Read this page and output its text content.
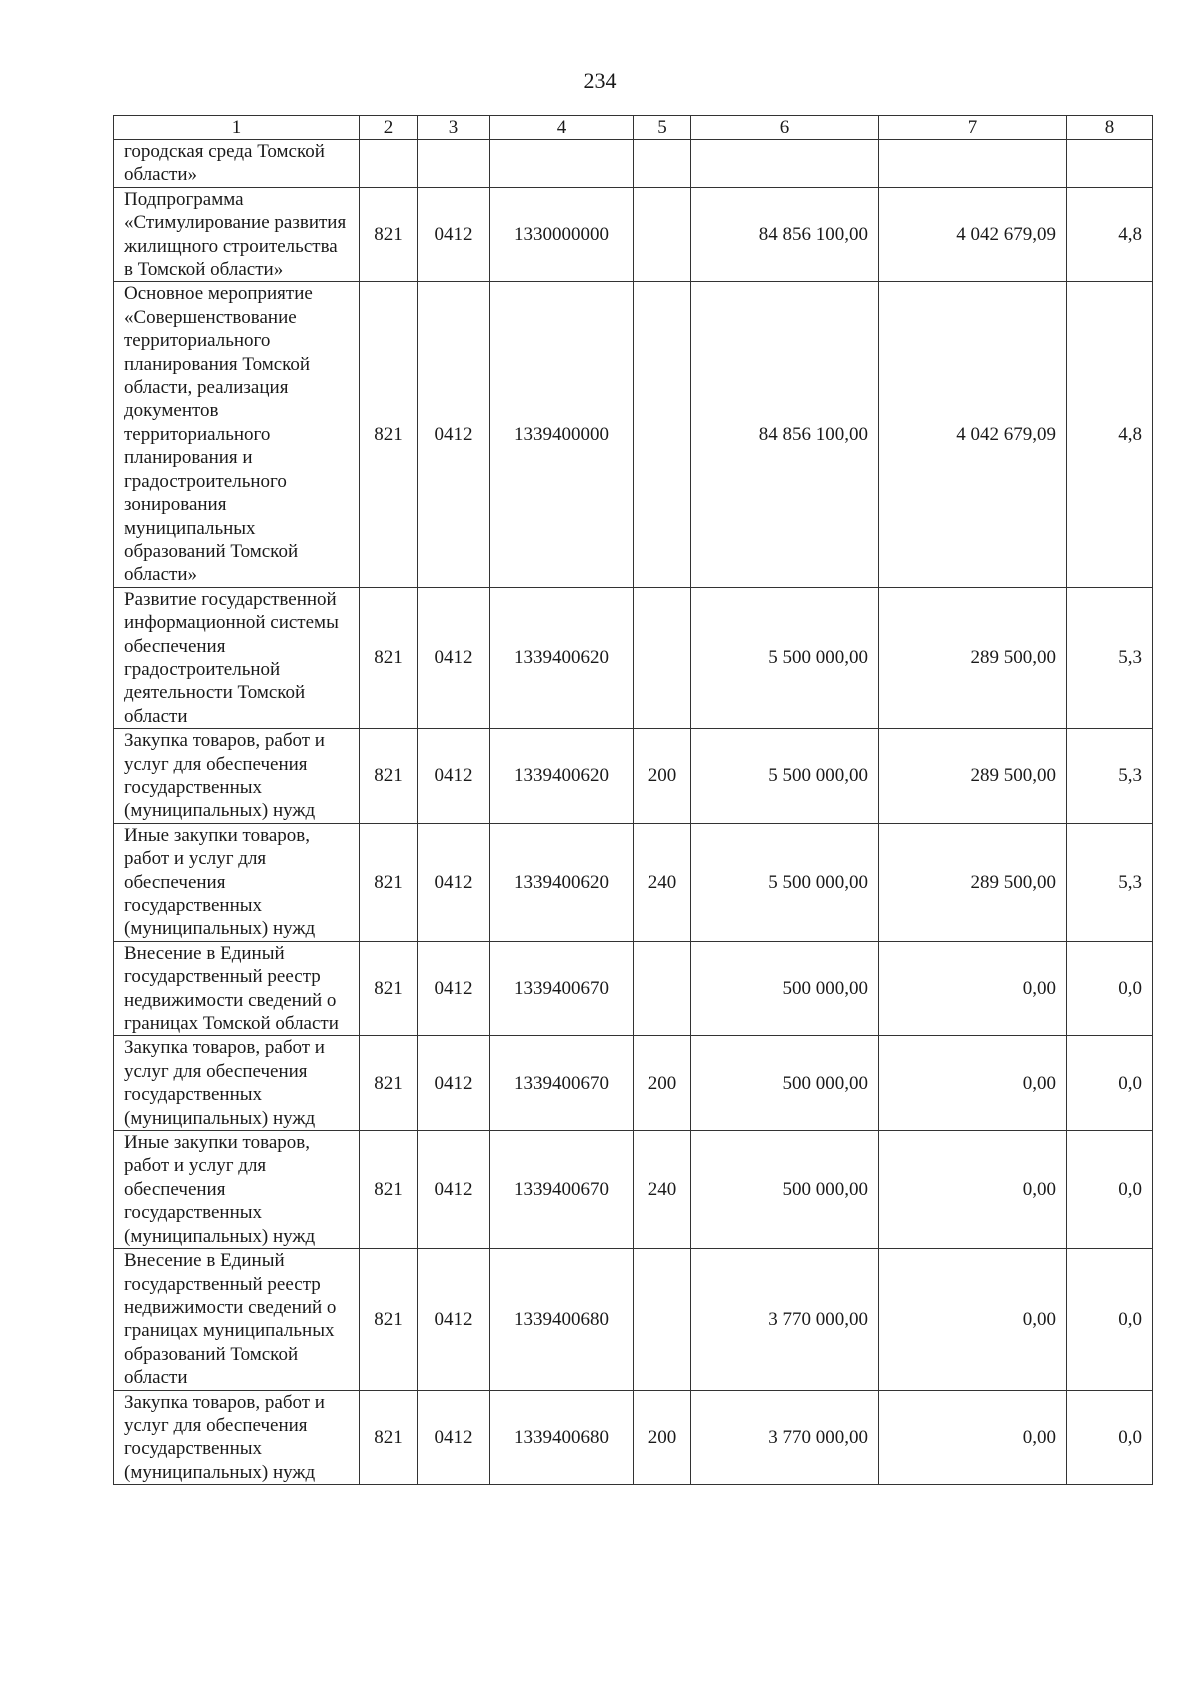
234
1	2	3	4	5	6	7	8
городская среда Томской области»							
Подпрограмма «Стимулирование развития жилищного строительства в Томской области»	821	0412	1330000000		84 856 100,00	4 042 679,09	4,8
Основное мероприятие «Совершенствование территориального планирования Томской области, реализация документов территориального планирования и градостроительного зонирования муниципальных образований Томской области»	821	0412	1339400000		84 856 100,00	4 042 679,09	4,8
Развитие государственной информационной системы обеспечения градостроительной деятельности Томской области	821	0412	1339400620		5 500 000,00	289 500,00	5,3
Закупка товаров, работ и услуг для обеспечения государственных (муниципальных) нужд	821	0412	1339400620	200	5 500 000,00	289 500,00	5,3
Иные закупки товаров, работ и услуг для обеспечения государственных (муниципальных) нужд	821	0412	1339400620	240	5 500 000,00	289 500,00	5,3
Внесение в Единый государственный реестр недвижимости сведений о границах Томской области	821	0412	1339400670		500 000,00	0,00	0,0
Закупка товаров, работ и услуг для обеспечения государственных (муниципальных) нужд	821	0412	1339400670	200	500 000,00	0,00	0,0
Иные закупки товаров, работ и услуг для обеспечения государственных (муниципальных) нужд	821	0412	1339400670	240	500 000,00	0,00	0,0
Внесение в Единый государственный реестр недвижимости сведений о границах муниципальных образований Томской области	821	0412	1339400680		3 770 000,00	0,00	0,0
Закупка товаров, работ и услуг для обеспечения государственных (муниципальных) нужд	821	0412	1339400680	200	3 770 000,00	0,00	0,0
